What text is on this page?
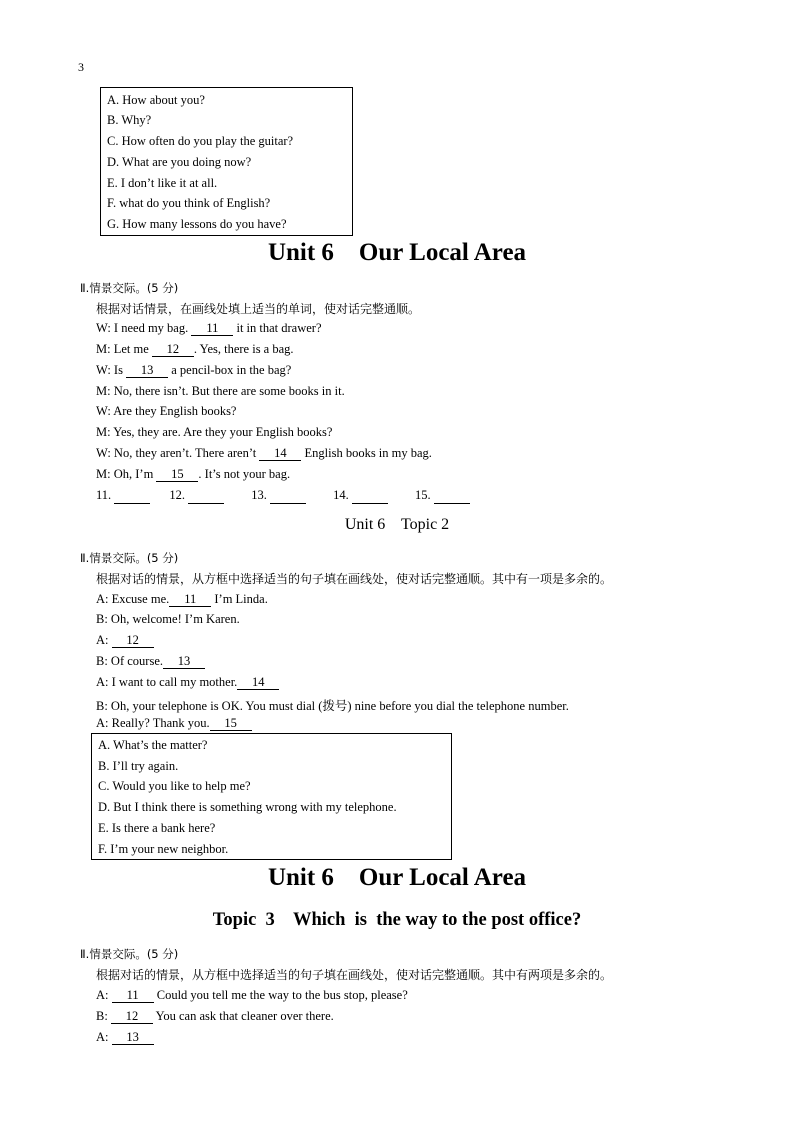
3
A. How about you?
B. Why?
C. How often do you play the guitar?
D. What are you doing now?
E. I don’t like it at all.
F. what do you think of English?
G. How many lessons do you have?
Unit 6    Our Local Area
Ⅱ.情景交际。(5 分)
根据对话情景，在画线处填上适当的单词，使对话完整通顺。
W: I need my bag. 11 it in that drawer?
M: Let me 12 . Yes, there is a bag.
W: Is 13 a pencil-box in the bag?
M: No, there isn’t. But there are some books in it.
W: Are they English books?
M: Yes, they are. Are they your English books?
W: No, they aren’t. There aren’t 14 English books in my bag.
M: Oh, I’m 15 . It’s not your bag.
11.	12.	13.	14.	15.
Unit 6    Topic 2
Ⅱ.情景交际。(5 分)
根据对话的情景，从方框中选择适当的句子填在画线处，使对话完整通顺。其中有一项是多余的。
A: Excuse me. 11 I’m Linda.
B: Oh, welcome! I’m Karen.
A: 12
B: Of course. 13
A: I want to call my mother. 14
B: Oh, your telephone is OK. You must dial (拨号) nine before you dial the telephone number.
A: Really? Thank you. 15
A. What’s the matter?
B. I’ll try again.
C. Would you like to help me?
D. But I think there is something wrong with my telephone.
E. Is there a bank here?
F. I’m your new neighbor.
Unit 6    Our Local Area
Topic  3    Which  is  the way to the post office?
Ⅱ.情景交际。(5 分)
根据对话的情景，从方框中选择适当的句子填在画线处，使对话完整通顺。其中有两项是多余的。
A: 11 Could you tell me the way to the bus stop, please?
B: 12 You can ask that cleaner over there.
A: 13
